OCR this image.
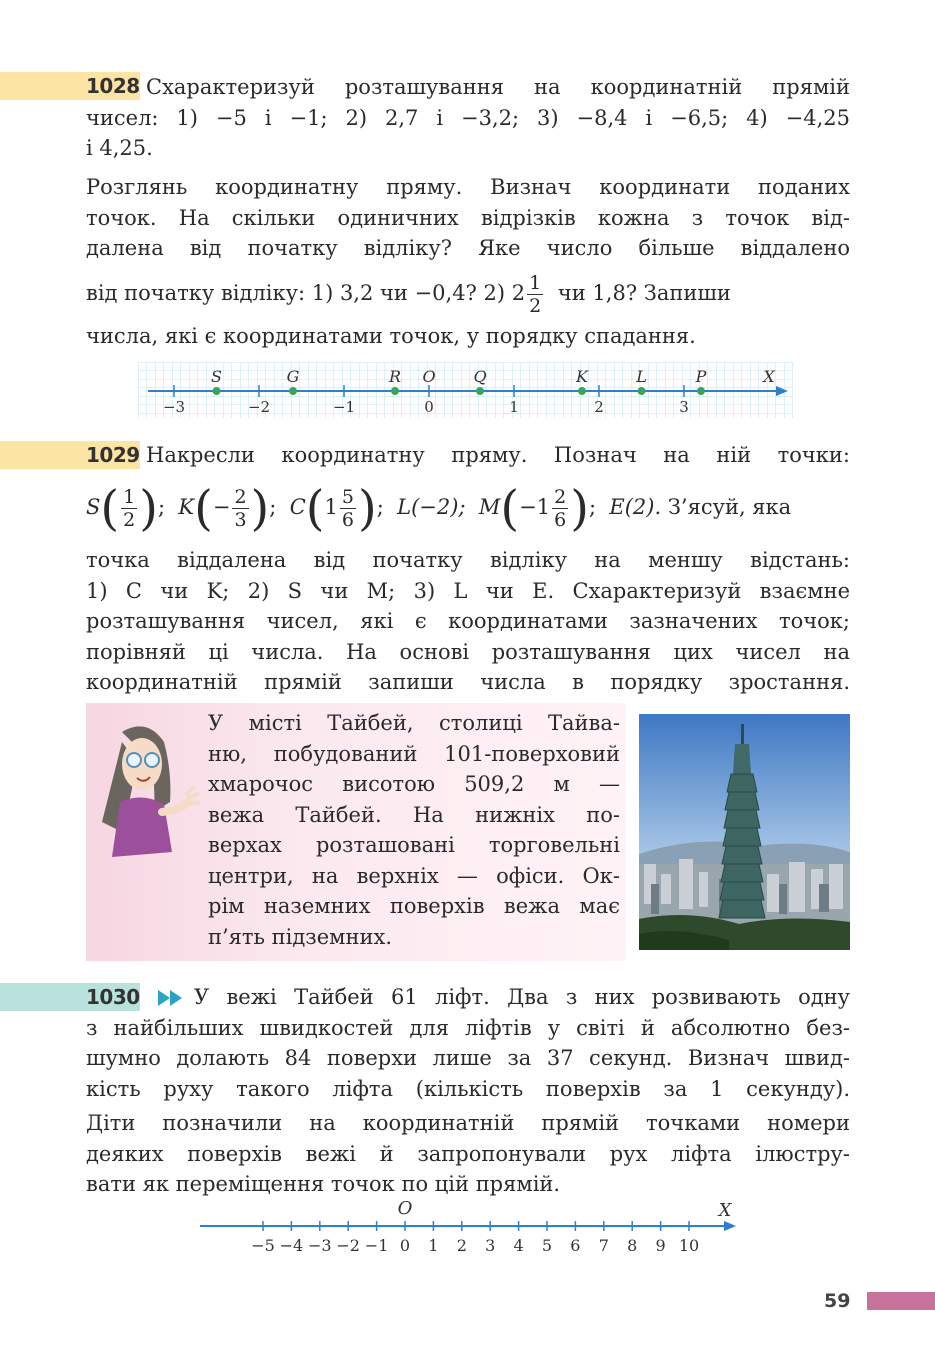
1028 Схарактеризуй розташування на координатній прямій
чисел: 1) −5 і −1; 2) 2,7 і −3,2; 3) −8,4 і −6,5; 4) −4,25
і 4,25.
Розглянь координатну пряму. Визнач координати поданих
точок. На скільки одиничних відрізків кожна з точок від-
далена від початку відліку? Яке число більше віддалено
від початку відліку: 1) 3,2 чи −0,4? 2) $2 \frac{1}{2}$ чи 1,8? Запиши
числа, які є координатами точок, у порядку спадання.
−3	−2	−1	0	1	2	3
S	G	R O Q	K	L	P	X
1029 Накресли координатну пряму. Познач на ній точки:
$S( \frac{1}{2}$ );  $K(- \frac{2}{3}$ );  $C(1 \frac{5}{6}$ );  L(−2); $M(-1 \frac{2}{6}$ );  E(2). З’ясуй, яка
точка віддалена від початку відліку на меншу відстань:
1) C чи K; 2) S чи M; 3) L чи E. Схарактеризуй взаємне
розташування чисел, які є координатами зазначених точок;
порівняй ці числа. На основі розташування цих чисел на
координатній прямій запиши числа в порядку зростання.
У місті Тайбей, столиці Тайва-
ню, побудований 101-поверховий
хмарочос висотою 509,2 м —
вежа Тайбей. На нижніх по-
верхах розташовані торговельні
центри, на верхніх — офіси. Ок-
рім наземних поверхів вежа має
п’ять підземних.
1030	У вежі Тайбей 61 ліфт. Два з них розвивають одну
з найбільших швидкостей для ліфтів у світі й абсолютно без-
шумно долають 84 поверхи лише за 37 секунд. Визнач швид-
кість руху такого ліфта (кількість поверхів за 1 секунду).
Діти позначили на координатній прямій точками номери
деяких поверхів вежі й запропонували рух ліфта ілюстру-
вати як переміщення точок по цій прямій.
O	X
−5 −4 −3 −2 −1 0 1 2 3 4 5 6 7 8 9 10
59
